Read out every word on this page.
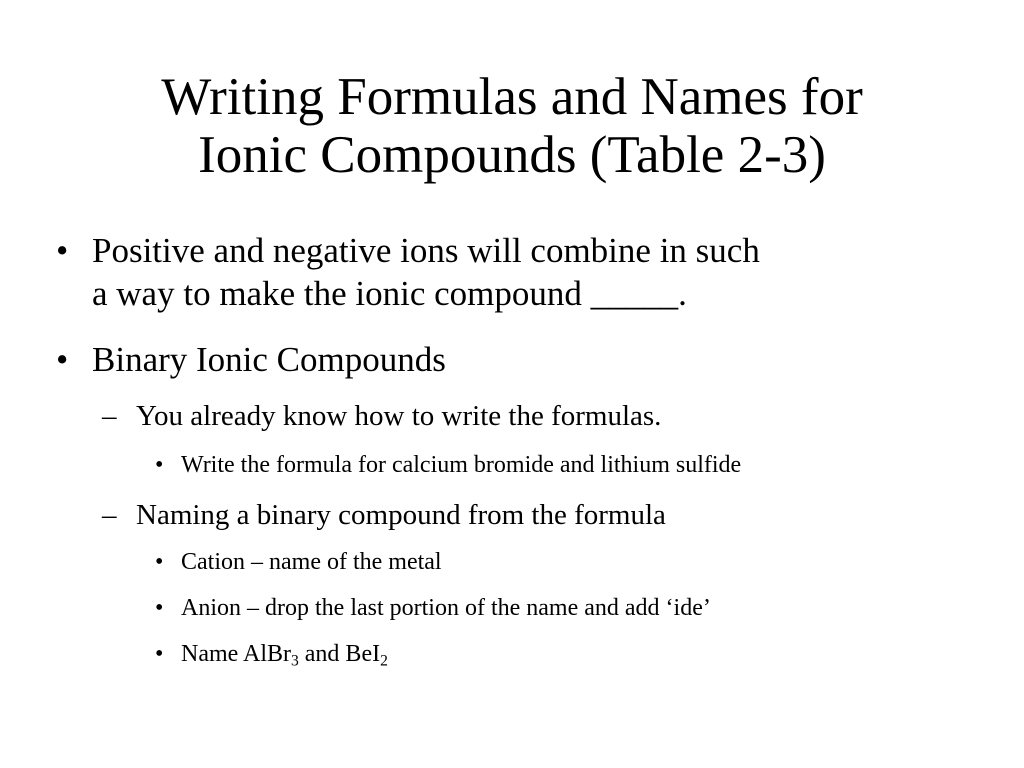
Writing Formulas and Names for
Ionic Compounds (Table 2-3)
• Positive and negative ions will combine in such
a way to make the ionic compound _____.
• Binary Ionic Compounds
– You already know how to write the formulas.
• Write the formula for calcium bromide and lithium sulfide
– Naming a binary compound from the formula
• Cation – name of the metal
• Anion – drop the last portion of the name and add ‘ide’
• Name AlBr$_3$ and BeI$_2$
